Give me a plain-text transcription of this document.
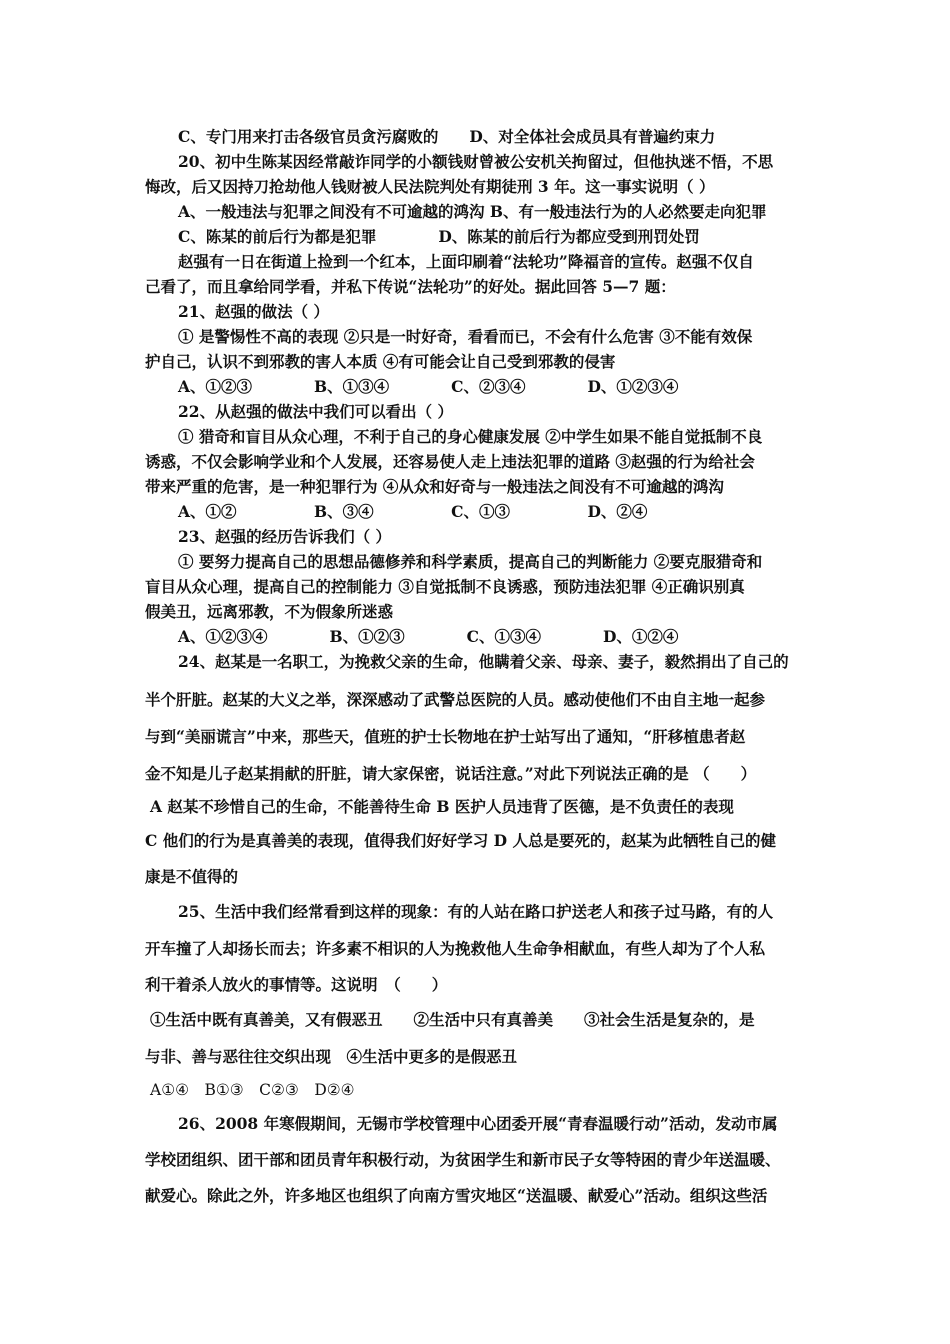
C、专门用来打击各级官员贪污腐败的　　D、对全体社会成员具有普遍约束力
20、初中生陈某因经常敲诈同学的小额钱财曾被公安机关拘留过，但他执迷不悟，不思
悔改，后又因持刀抢劫他人钱财被人民法院判处有期徒刑 3 年。这一事实说明（ ）
A、一般违法与犯罪之间没有不可逾越的鸿沟 B、有一般违法行为的人必然要走向犯罪
C、陈某的前后行为都是犯罪　　　　D、陈某的前后行为都应受到刑罚处罚
赵强有一日在街道上捡到一个红本，上面印刷着“法轮功”降福音的宣传。赵强不仅自
己看了，而且拿给同学看，并私下传说“法轮功”的好处。据此回答 5—7 题：
21、赵强的做法（ ）
① 是警惕性不高的表现 ②只是一时好奇，看看而已，不会有什么危害 ③不能有效保
护自己，认识不到邪教的害人本质 ④有可能会让自己受到邪教的侵害
A、①②③　　　　B、①③④　　　　C、②③④　　　　D、①②③④
22、从赵强的做法中我们可以看出（ ）
① 猎奇和盲目从众心理，不利于自己的身心健康发展 ②中学生如果不能自觉抵制不良
诱惑，不仅会影响学业和个人发展，还容易使人走上违法犯罪的道路 ③赵强的行为给社会
带来严重的危害，是一种犯罪行为 ④从众和好奇与一般违法之间没有不可逾越的鸿沟
A、①②　　　　　B、③④　　　　　C、①③　　　　　D、②④
23、赵强的经历告诉我们（ ）
① 要努力提高自己的思想品德修养和科学素质，提高自己的判断能力 ②要克服猎奇和
盲目从众心理，提高自己的控制能力 ③自觉抵制不良诱惑，预防违法犯罪 ④正确识别真
假美丑，远离邪教，不为假象所迷惑
A、①②③④　　　　B、①②③　　　　C、①③④　　　　D、①②④
24、赵某是一名职工，为挽救父亲的生命，他瞒着父亲、母亲、妻子，毅然捐出了自己的
半个肝脏。赵某的大义之举，深深感动了武警总医院的人员。感动使他们不由自主地一起参
与到“美丽谎言”中来，那些天，值班的护士长物地在护士站写出了通知，“肝移植患者赵
金不知是儿子赵某捐献的肝脏，请大家保密，说话注意。”对此下列说法正确的是 （　　）
A 赵某不珍惜自己的生命，不能善待生命 B 医护人员违背了医德，是不负责任的表现
C 他们的行为是真善美的表现，值得我们好好学习 D 人总是要死的，赵某为此牺牲自己的健
康是不值得的
25、生活中我们经常看到这样的现象：有的人站在路口护送老人和孩子过马路，有的人
开车撞了人却扬长而去；许多素不相识的人为挽救他人生命争相献血，有些人却为了个人私
利干着杀人放火的事情等。这说明　（　　）
①生活中既有真善美，又有假恶丑　　②生活中只有真善美　　③社会生活是复杂的，是
与非、善与恶往往交织出现　④生活中更多的是假恶丑
A①④　B①③　C②③　D②④
26、2008 年寒假期间，无锡市学校管理中心团委开展“青春温暖行动”活动，发动市属
学校团组织、团干部和团员青年积极行动，为贫困学生和新市民子女等特困的青少年送温暖、
献爱心。除此之外，许多地区也组织了向南方雪灾地区“送温暖、献爱心”活动。组织这些活
